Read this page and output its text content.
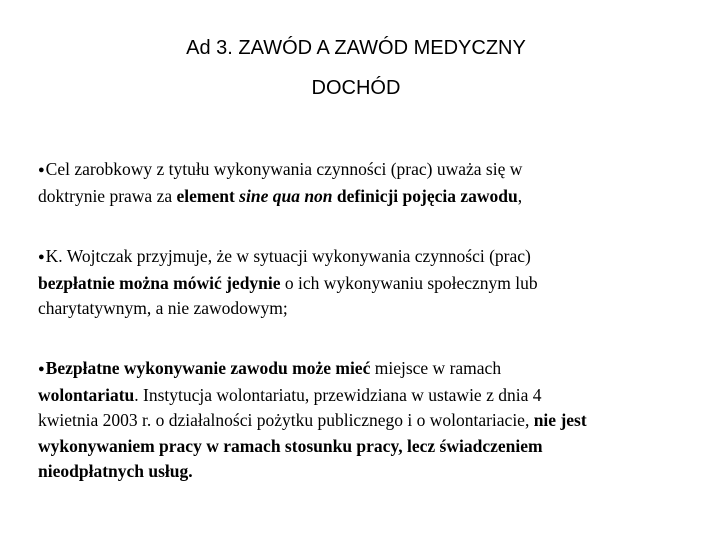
Ad 3. ZAWÓD A ZAWÓD MEDYCZNY
DOCHÓD

●Cel zarobkowy z tytułu wykonywania czynności (prac) uważa się w
doktrynie prawa za element sine qua non definicji pojęcia zawodu,

●K. Wojtczak przyjmuje, że w sytuacji wykonywania czynności (prac)
bezpłatnie można mówić jedynie o ich wykonywaniu społecznym lub
charytatywnym, a nie zawodowym;

●Bezpłatne wykonywanie zawodu może mieć miejsce w ramach
wolontariatu. Instytucja wolontariatu, przewidziana w ustawie z dnia 4
kwietnia 2003 r. o działalności pożytku publicznego i o wolontariacie, nie jest
wykonywaniem pracy w ramach stosunku pracy, lecz świadczeniem
nieodpłatnych usług.
